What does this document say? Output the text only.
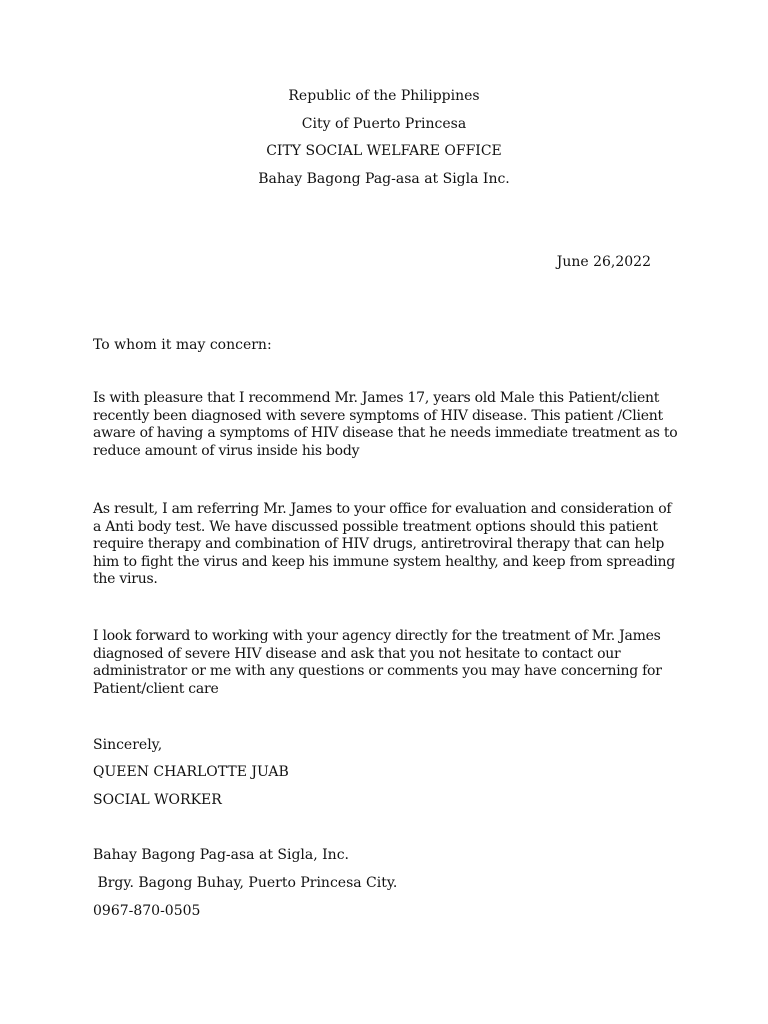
Republic of the Philippines
City of Puerto Princesa
CITY SOCIAL WELFARE OFFICE
Bahay Bagong Pag-asa at Sigla Inc.
June 26,2022
To whom it may concern:
Is with pleasure that I recommend Mr. James 17, years old Male this Patient/client recently been diagnosed with severe symptoms of HIV disease. This patient /Client aware of having a symptoms of HIV disease that he needs immediate treatment as to reduce amount of virus inside his body
As result, I am referring Mr. James to your office for evaluation and consideration of a Anti body test. We have discussed possible treatment options should this patient require therapy and combination of HIV drugs, antiretroviral therapy that can help him to fight the virus and keep his immune system healthy, and keep from spreading the virus.
I look forward to working with your agency directly for the treatment of Mr. James diagnosed of severe HIV disease and ask that you not hesitate to contact our administrator or me with any questions or comments you may have concerning for Patient/client care
Sincerely,
QUEEN CHARLOTTE JUAB
SOCIAL WORKER
Bahay Bagong Pag-asa at Sigla, Inc.
Brgy. Bagong Buhay, Puerto Princesa City.
0967-870-0505
